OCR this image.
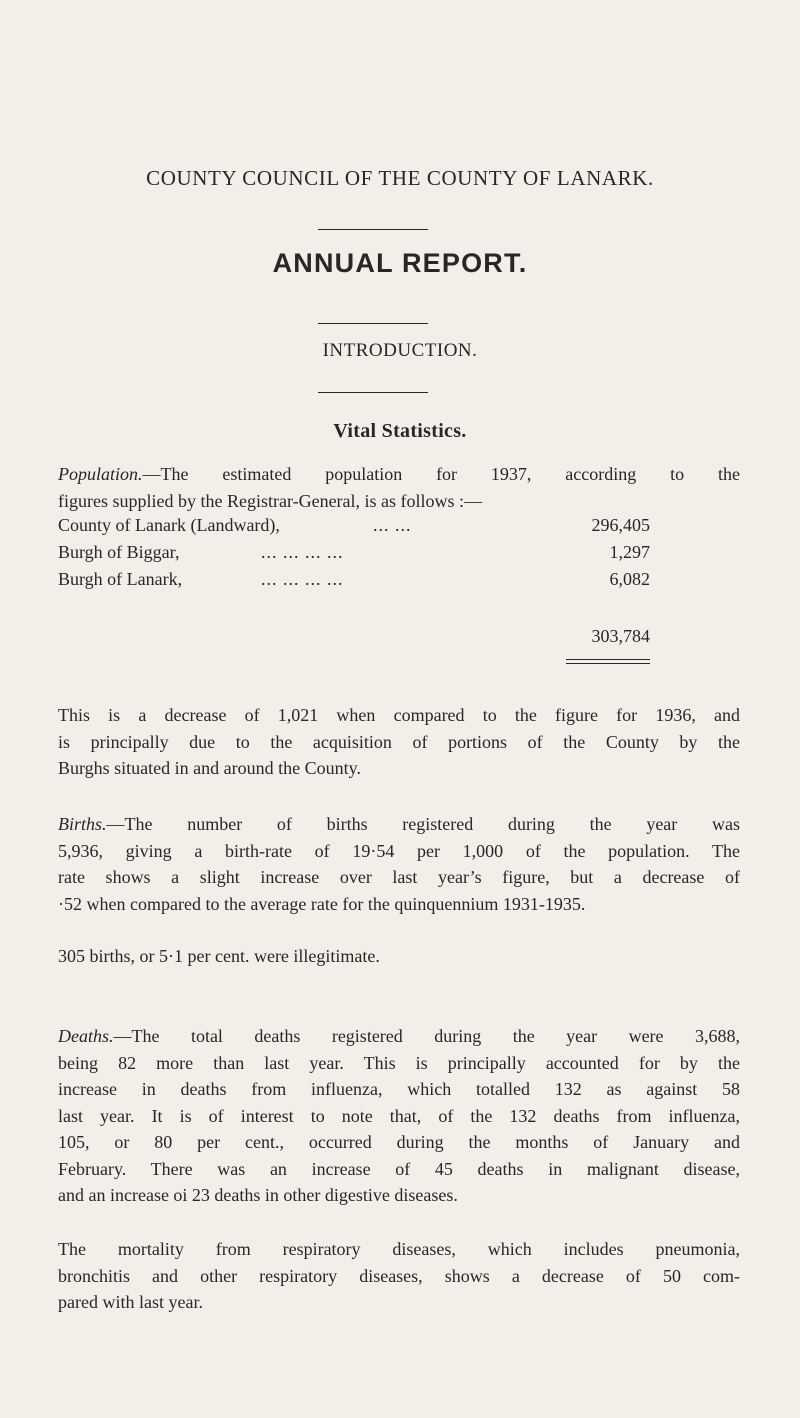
COUNTY COUNCIL OF THE COUNTY OF LANARK.
ANNUAL REPORT.
INTRODUCTION.
Vital Statistics.
Population.—The estimated population for 1937, according to the
figures supplied by the Registrar-General, is as follows :—
County of Lanark (Landward),	... ...	296,405
Burgh of Biggar,	... ... ... ...	1,297
Burgh of Lanark,	... ... ... ...	6,082
303,784
This is a decrease of 1,021 when compared to the figure for 1936, and
is principally due to the acquisition of portions of the County by the
Burghs situated in and around the County.
Births.—The number of births registered during the year was
5,936, giving a birth-rate of 19·54 per 1,000 of the population. The
rate shows a slight increase over last year’s figure, but a decrease of
·52 when compared to the average rate for the quinquennium 1931-1935.
305 births, or 5·1 per cent. were illegitimate.
Deaths.—The total deaths registered during the year were 3,688,
being 82 more than last year. This is principally accounted for by the
increase in deaths from influenza, which totalled 132 as against 58
last year. It is of interest to note that, of the 132 deaths from influenza,
105, or 80 per cent., occurred during the months of January and
February. There was an increase of 45 deaths in malignant disease,
and an increase oi 23 deaths in other digestive diseases.
The mortality from respiratory diseases, which includes pneumonia,
bronchitis and other respiratory diseases, shows a decrease of 50 com-
pared with last year.
